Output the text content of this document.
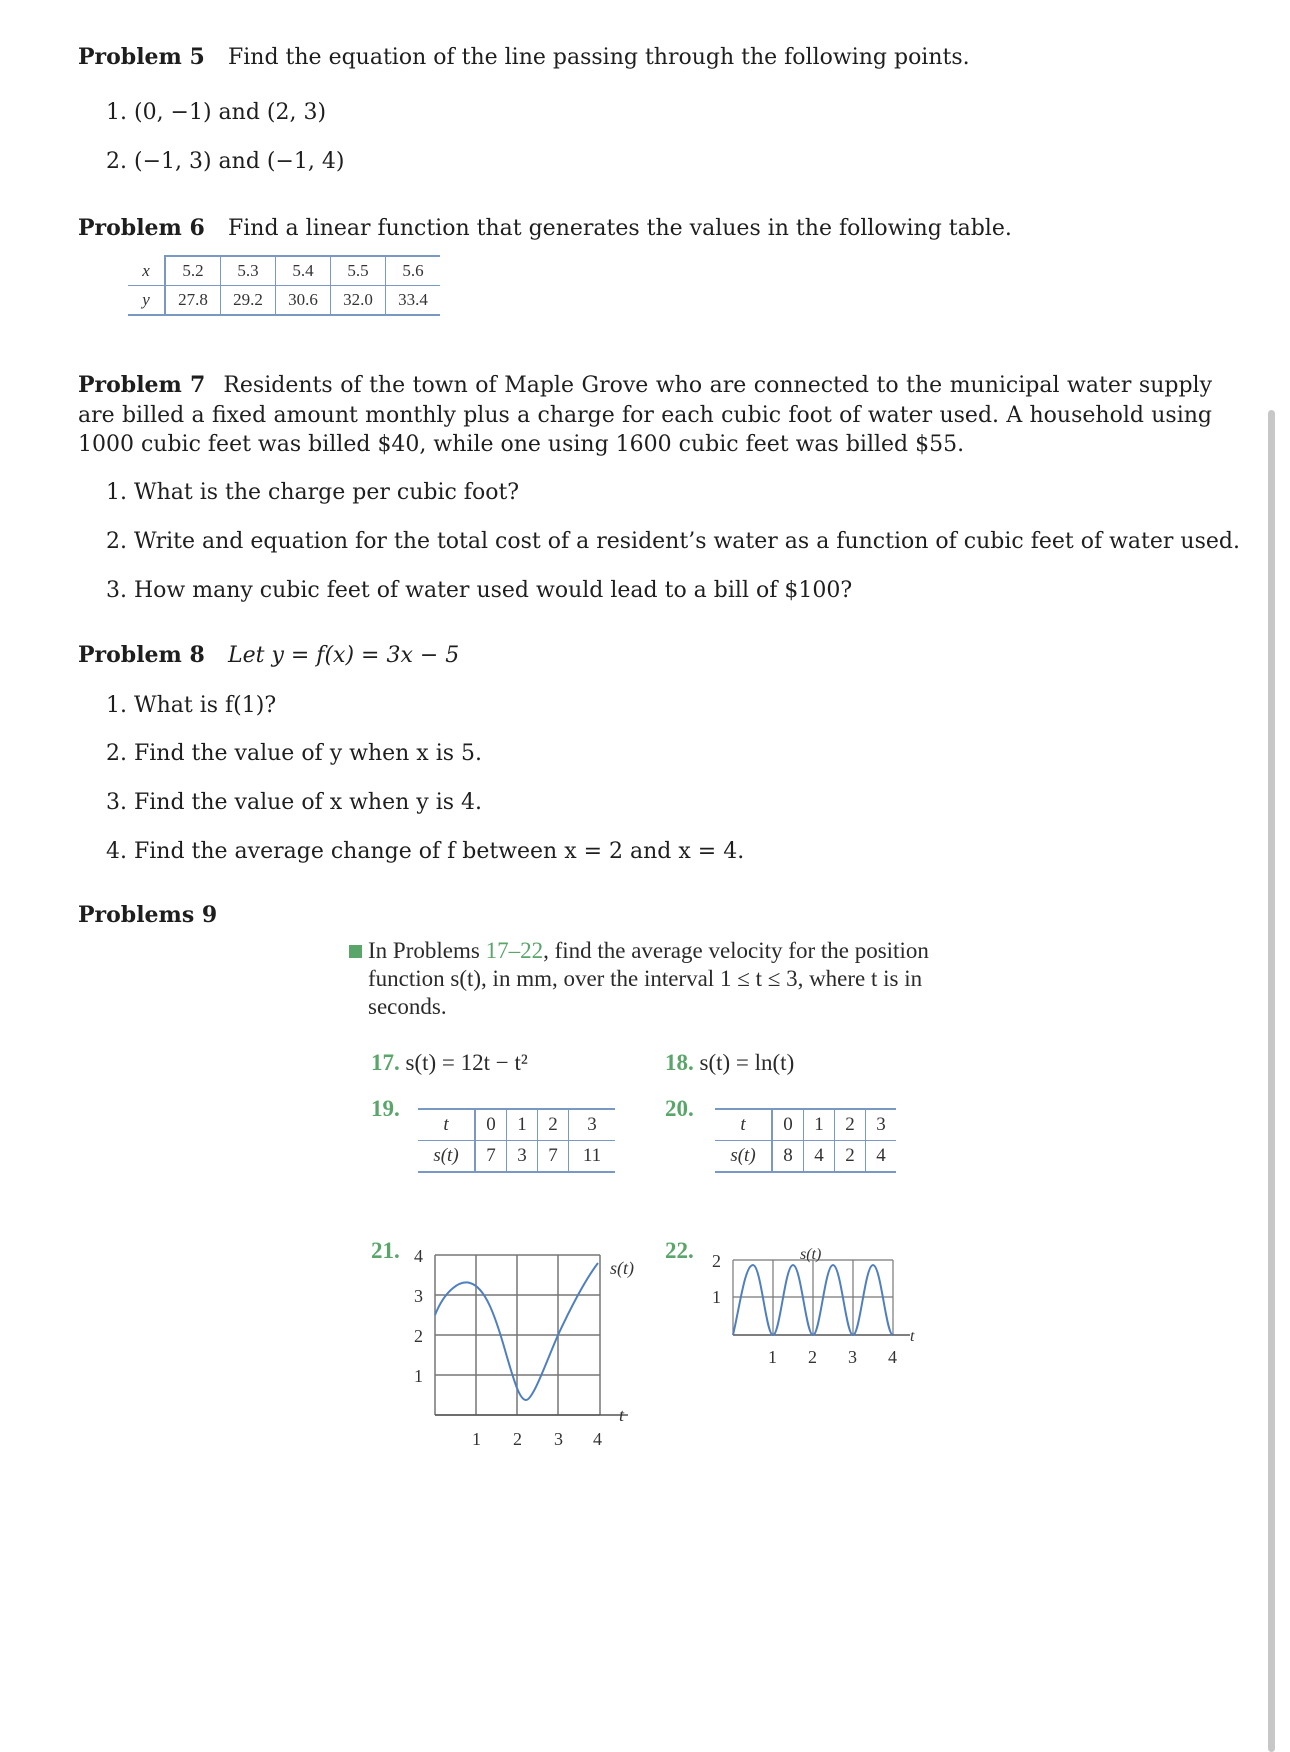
Problem 5 Find the equation of the line passing through the following points.
1. (0, −1) and (2, 3)
2. (−1, 3) and (−1, 4)
Problem 6 Find a linear function that generates the values in the following table.
x	5.2	5.3	5.4	5.5	5.6
y	27.8	29.2	30.6	32.0	33.4
Problem 7 Residents of the town of Maple Grove who are connected to the municipal water supply are billed a fixed amount monthly plus a charge for each cubic foot of water used. A household using 1000 cubic feet was billed $40, while one using 1600 cubic feet was billed $55.
1. What is the charge per cubic foot?
2. Write and equation for the total cost of a resident’s water as a function of cubic feet of water used.
3. How many cubic feet of water used would lead to a bill of $100?
Problem 8 Let y = f(x) = 3x − 5
1. What is f(1)?
2. Find the value of y when x is 5.
3. Find the value of x when y is 4.
4. Find the average change of f between x = 2 and x = 4.
Problems 9
In Problems 17–22, find the average velocity for the position function s(t), in mm, over the interval 1 ≤ t ≤ 3, where t is in seconds.
17. s(t) = 12t − t²	18. s(t) = ln(t)
19.
t	0	1	2	3
s(t)	7	3	7	11
20.
t	0	1	2	3
s(t)	8	4	2	4
21. 4
3
2
1
1 2 3 4
s(t)
t
22. 2
1
1 2 3 4
s(t)
t
